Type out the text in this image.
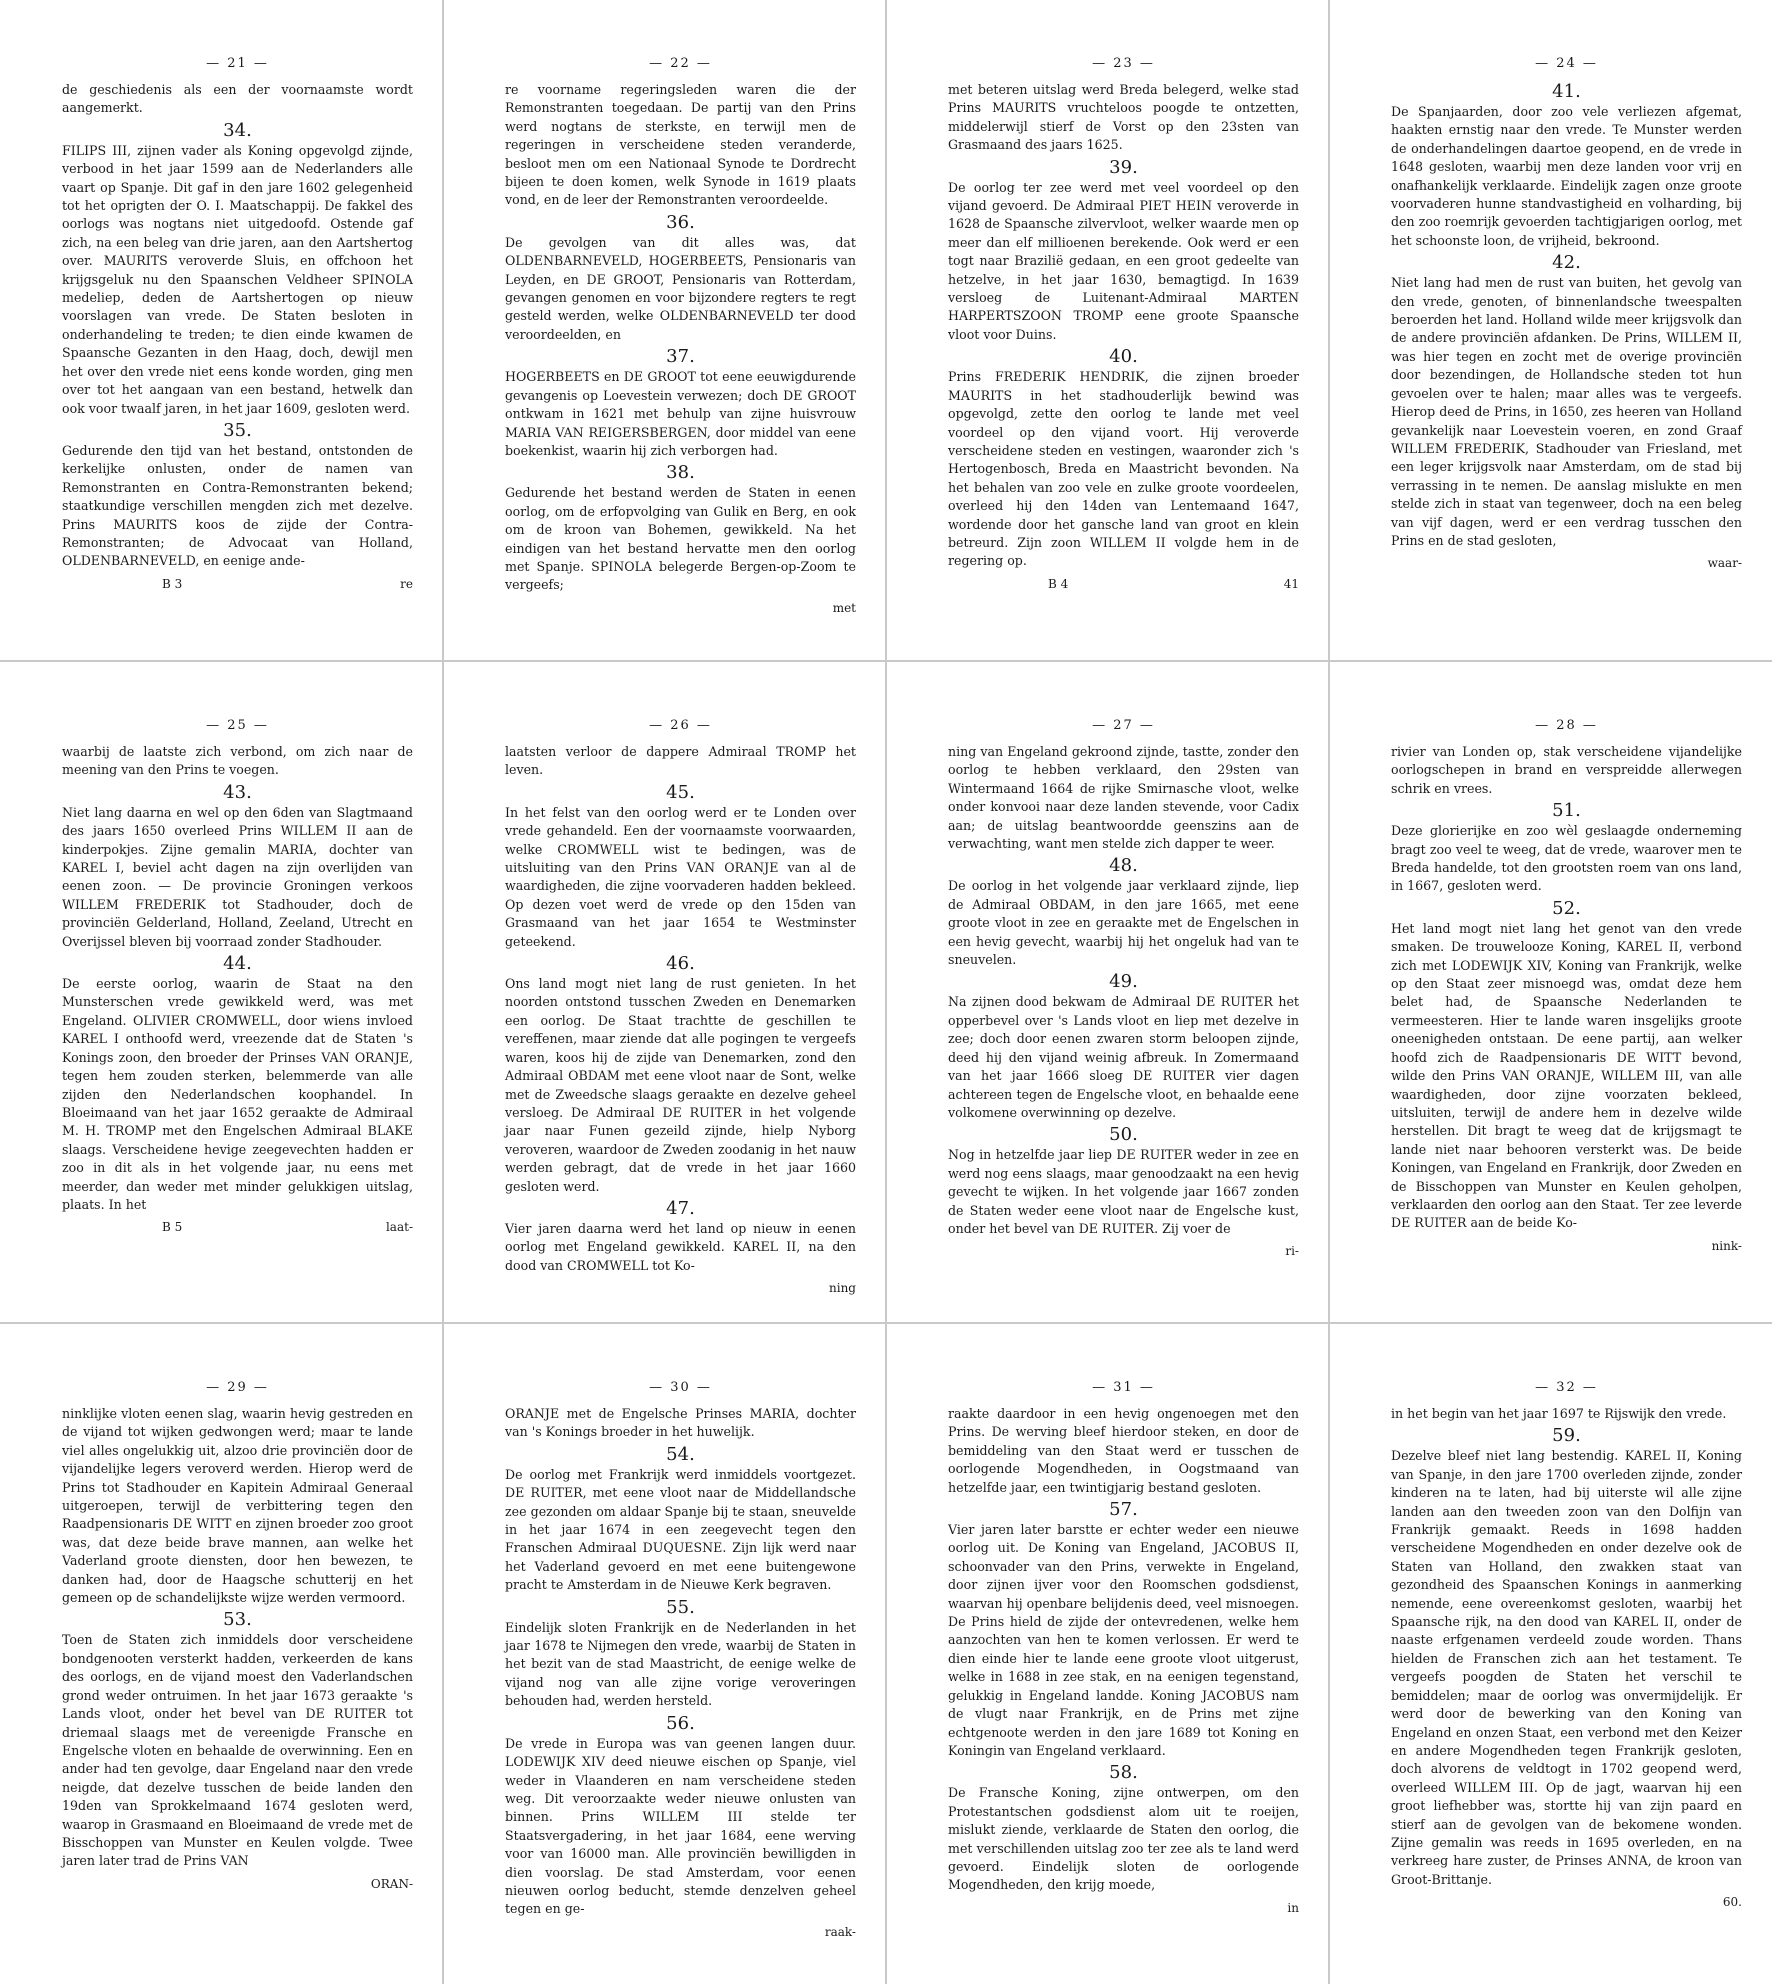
— 21 —

de geschiedenis als een der voornaamste wordt aangemerkt.

34.

FILIPS III, zijnen vader als Koning opgevolgd zijnde, verbood in het jaar 1599 aan de Nederlanders alle vaart op Spanje. Dit gaf in den jare 1602 gelegenheid tot het oprigten der O. I. Maatschappij. De fakkel des oorlogs was nogtans niet uitgedoofd. Ostende gaf zich, na een beleg van drie jaren, aan den Aartshertog over. MAURITS veroverde Sluis, en offchoon het krijgsgeluk nu den Spaanschen Veldheer SPINOLA medeliep, deden de Aartshertogen op nieuw voorslagen van vrede. De Staten besloten in onderhandeling te treden; te dien einde kwamen de Spaansche Gezanten in den Haag, doch, dewijl men het over den vrede niet eens konde worden, ging men over tot het aangaan van een bestand, hetwelk dan ook voor twaalf jaren, in het jaar 1609, gesloten werd.

35.

Gedurende den tijd van het bestand, ontstonden de kerkelijke onlusten, onder de namen van Remonstranten en Contra-Remonstranten bekend; staatkundige verschillen mengden zich met dezelve. Prins MAURITS koos de zijde der Contra-Remonstranten; de Advocaat van Holland, OLDENBARNEVELD, en eenige ande-

B 3	re
— 22 —

re voorname regeringsleden waren die der Remonstranten toegedaan. De partij van den Prins werd nogtans de sterkste, en terwijl men de regeringen in verscheidene steden veranderde, besloot men om een Nationaal Synode te Dordrecht bijeen te doen komen, welk Synode in 1619 plaats vond, en de leer der Remonstranten veroordeelde.

36.

De gevolgen van dit alles was, dat OLDENBARNEVELD, HOGERBEETS, Pensionaris van Leyden, en DE GROOT, Pensionaris van Rotterdam, gevangen genomen en voor bijzondere regters te regt gesteld werden, welke OLDENBARNEVELD ter dood veroordeelden, en

37.

HOGERBEETS en DE GROOT tot eene eeuwigdurende gevangenis op Loevestein verwezen; doch DE GROOT ontkwam in 1621 met behulp van zijne huisvrouw MARIA VAN REIGERSBERGEN, door middel van eene boekenkist, waarin hij zich verborgen had.

38.

Gedurende het bestand werden de Staten in eenen oorlog, om de erfopvolging van Gulik en Berg, en ook om de kroon van Bohemen, gewikkeld. Na het eindigen van het bestand hervatte men den oorlog met Spanje. SPINOLA belegerde Bergen-op-Zoom te vergeefs;

met
— 23 —

met beteren uitslag werd Breda belegerd, welke stad Prins MAURITS vruchteloos poogde te ontzetten, middelerwijl stierf de Vorst op den 23sten van Grasmaand des jaars 1625.

39.

De oorlog ter zee werd met veel voordeel op den vijand gevoerd. De Admiraal PIET HEIN veroverde in 1628 de Spaansche zilvervloot, welker waarde men op meer dan elf millioenen berekende. Ook werd er een togt naar Brazilië gedaan, en een groot gedeelte van hetzelve, in het jaar 1630, bemagtigd. In 1639 versloeg de Luitenant-Admiraal MARTEN HARPERTSZOON TROMP eene groote Spaansche vloot voor Duins.

40.

Prins FREDERIK HENDRIK, die zijnen broeder MAURITS in het stadhouderlijk bewind was opgevolgd, zette den oorlog te lande met veel voordeel op den vijand voort. Hij veroverde verscheidene steden en vestingen, waaronder zich 's Hertogenbosch, Breda en Maastricht bevonden. Na het behalen van zoo vele en zulke groote voordeelen, overleed hij den 14den van Lentemaand 1647, wordende door het gansche land van groot en klein betreurd. Zijn zoon WILLEM II volgde hem in de regering op.

B 4	41
— 24 —

41.

De Spanjaarden, door zoo vele verliezen afgemat, haakten ernstig naar den vrede. Te Munster werden de onderhandelingen daartoe geopend, en de vrede in 1648 gesloten, waarbij men deze landen voor vrij en onafhankelijk verklaarde. Eindelijk zagen onze groote voorvaderen hunne standvastigheid en volharding, bij den zoo roemrijk gevoerden tachtigjarigen oorlog, met het schoonste loon, de vrijheid, bekroond.

42.

Niet lang had men de rust van buiten, het gevolg van den vrede, genoten, of binnenlandsche tweespalten beroerden het land. Holland wilde meer krijgsvolk dan de andere provinciën afdanken. De Prins, WILLEM II, was hier tegen en zocht met de overige provinciën door bezendingen, de Hollandsche steden tot hun gevoelen over te halen; maar alles was te vergeefs. Hierop deed de Prins, in 1650, zes heeren van Holland gevankelijk naar Loevestein voeren, en zond Graaf WILLEM FREDERIK, Stadhouder van Friesland, met een leger krijgsvolk naar Amsterdam, om de stad bij verrassing in te nemen. De aanslag mislukte en men stelde zich in staat van tegenweer, doch na een beleg van vijf dagen, werd er een verdrag tusschen den Prins en de stad gesloten,

waar-
— 25 —

waarbij de laatste zich verbond, om zich naar de meening van den Prins te voegen.

43.

Niet lang daarna en wel op den 6den van Slagtmaand des jaars 1650 overleed Prins WILLEM II aan de kinderpokjes. Zijne gemalin MARIA, dochter van KAREL I, beviel acht dagen na zijn overlijden van eenen zoon. — De provincie Groningen verkoos WILLEM FREDERIK tot Stadhouder, doch de provinciën Gelderland, Holland, Zeeland, Utrecht en Overijssel bleven bij voorraad zonder Stadhouder.

44.

De eerste oorlog, waarin de Staat na den Munsterschen vrede gewikkeld werd, was met Engeland. OLIVIER CROMWELL, door wiens invloed KAREL I onthoofd werd, vreezende dat de Staten 's Konings zoon, den broeder der Prinses VAN ORANJE, tegen hem zouden sterken, belemmerde van alle zijden den Nederlandschen koophandel. In Bloeimaand van het jaar 1652 geraakte de Admiraal M. H. TROMP met den Engelschen Admiraal BLAKE slaags. Verscheidene hevige zeegevechten hadden er zoo in dit als in het volgende jaar, nu eens met meerder, dan weder met minder gelukkigen uitslag, plaats. In het

B 5	laat-
— 26 —

laatsten verloor de dappere Admiraal TROMP het leven.

45.

In het felst van den oorlog werd er te Londen over vrede gehandeld. Een der voornaamste voorwaarden, welke CROMWELL wist te bedingen, was de uitsluiting van den Prins VAN ORANJE van al de waardigheden, die zijne voorvaderen hadden bekleed. Op dezen voet werd de vrede op den 15den van Grasmaand van het jaar 1654 te Westminster geteekend.

46.

Ons land mogt niet lang de rust genieten. In het noorden ontstond tusschen Zweden en Denemarken een oorlog. De Staat trachtte de geschillen te vereffenen, maar ziende dat alle pogingen te vergeefs waren, koos hij de zijde van Denemarken, zond den Admiraal OBDAM met eene vloot naar de Sont, welke met de Zweedsche slaags geraakte en dezelve geheel versloeg. De Admiraal DE RUITER in het volgende jaar naar Funen gezeild zijnde, hielp Nyborg veroveren, waardoor de Zweden zoodanig in het nauw werden gebragt, dat de vrede in het jaar 1660 gesloten werd.

47.

Vier jaren daarna werd het land op nieuw in eenen oorlog met Engeland gewikkeld. KAREL II, na den dood van CROMWELL tot Ko-

ning
— 27 —

ning van Engeland gekroond zijnde, tastte, zonder den oorlog te hebben verklaard, den 29sten van Wintermaand 1664 de rijke Smirnasche vloot, welke onder konvooi naar deze landen stevende, voor Cadix aan; de uitslag beantwoordde geenszins aan de verwachting, want men stelde zich dapper te weer.

48.

De oorlog in het volgende jaar verklaard zijnde, liep de Admiraal OBDAM, in den jare 1665, met eene groote vloot in zee en geraakte met de Engelschen in een hevig gevecht, waarbij hij het ongeluk had van te sneuvelen.

49.

Na zijnen dood bekwam de Admiraal DE RUITER het opperbevel over 's Lands vloot en liep met dezelve in zee; doch door eenen zwaren storm beloopen zijnde, deed hij den vijand weinig afbreuk. In Zomermaand van het jaar 1666 sloeg DE RUITER vier dagen achtereen tegen de Engelsche vloot, en behaalde eene volkomene overwinning op dezelve.

50.

Nog in hetzelfde jaar liep DE RUITER weder in zee en werd nog eens slaags, maar genoodzaakt na een hevig gevecht te wijken. In het volgende jaar 1667 zonden de Staten weder eene vloot naar de Engelsche kust, onder het bevel van DE RUITER. Zij voer de

ri-
— 28 —

rivier van Londen op, stak verscheidene vijandelijke oorlogschepen in brand en verspreidde allerwegen schrik en vrees.

51.

Deze glorierijke en zoo wèl geslaagde onderneming bragt zoo veel te weeg, dat de vrede, waarover men te Breda handelde, tot den grootsten roem van ons land, in 1667, gesloten werd.

52.

Het land mogt niet lang het genot van den vrede smaken. De trouwelooze Koning, KAREL II, verbond zich met LODEWIJK XIV, Koning van Frankrijk, welke op den Staat zeer misnoegd was, omdat deze hem belet had, de Spaansche Nederlanden te vermeesteren. Hier te lande waren insgelijks groote oneenigheden ontstaan. De eene partij, aan welker hoofd zich de Raadpensionaris DE WITT bevond, wilde den Prins VAN ORANJE, WILLEM III, van alle waardigheden, door zijne voorzaten bekleed, uitsluiten, terwijl de andere hem in dezelve wilde herstellen. Dit bragt te weeg dat de krijgsmagt te lande niet naar behooren versterkt was. De beide Koningen, van Engeland en Frankrijk, door Zweden en de Bisschoppen van Munster en Keulen geholpen, verklaarden den oorlog aan den Staat. Ter zee leverde DE RUITER aan de beide Ko-

nink-
— 29 —

ninklijke vloten eenen slag, waarin hevig gestreden en de vijand tot wijken gedwongen werd; maar te lande viel alles ongelukkig uit, alzoo drie provinciën door de vijandelijke legers veroverd werden. Hierop werd de Prins tot Stadhouder en Kapitein Admiraal Generaal uitgeroepen, terwijl de verbittering tegen den Raadpensionaris DE WITT en zijnen broeder zoo groot was, dat deze beide brave mannen, aan welke het Vaderland groote diensten, door hen bewezen, te danken had, door de Haagsche schutterij en het gemeen op de schandelijkste wijze werden vermoord.

53.

Toen de Staten zich inmiddels door verscheidene bondgenooten versterkt hadden, verkeerden de kans des oorlogs, en de vijand moest den Vaderlandschen grond weder ontruimen. In het jaar 1673 geraakte 's Lands vloot, onder het bevel van DE RUITER tot driemaal slaags met de vereenigde Fransche en Engelsche vloten en behaalde de overwinning. Een en ander had ten gevolge, daar Engeland naar den vrede neigde, dat dezelve tusschen de beide landen den 19den van Sprokkelmaand 1674 gesloten werd, waarop in Grasmaand en Bloeimaand de vrede met de Bisschoppen van Munster en Keulen volgde. Twee jaren later trad de Prins VAN

ORAN-
— 30 —

ORANJE met de Engelsche Prinses MARIA, dochter van 's Konings broeder in het huwelijk.

54.

De oorlog met Frankrijk werd inmiddels voortgezet. DE RUITER, met eene vloot naar de Middellandsche zee gezonden om aldaar Spanje bij te staan, sneuvelde in het jaar 1674 in een zeegevecht tegen den Franschen Admiraal DUQUESNE. Zijn lijk werd naar het Vaderland gevoerd en met eene buitengewone pracht te Amsterdam in de Nieuwe Kerk begraven.

55.

Eindelijk sloten Frankrijk en de Nederlanden in het jaar 1678 te Nijmegen den vrede, waarbij de Staten in het bezit van de stad Maastricht, de eenige welke de vijand nog van alle zijne vorige veroveringen behouden had, werden hersteld.

56.

De vrede in Europa was van geenen langen duur. LODEWIJK XIV deed nieuwe eischen op Spanje, viel weder in Vlaanderen en nam verscheidene steden weg. Dit veroorzaakte weder nieuwe onlusten van binnen. Prins WILLEM III stelde ter Staatsvergadering, in het jaar 1684, eene werving voor van 16000 man. Alle provinciën bewilligden in dien voorslag. De stad Amsterdam, voor eenen nieuwen oorlog beducht, stemde denzelven geheel tegen en ge-

raak-
— 31 —

raakte daardoor in een hevig ongenoegen met den Prins. De werving bleef hierdoor steken, en door de bemiddeling van den Staat werd er tusschen de oorlogende Mogendheden, in Oogstmaand van hetzelfde jaar, een twintigjarig bestand gesloten.

57.

Vier jaren later barstte er echter weder een nieuwe oorlog uit. De Koning van Engeland, JACOBUS II, schoonvader van den Prins, verwekte in Engeland, door zijnen ijver voor den Roomschen godsdienst, waarvan hij openbare belijdenis deed, veel misnoegen. De Prins hield de zijde der ontevredenen, welke hem aanzochten van hen te komen verlossen. Er werd te dien einde hier te lande eene groote vloot uitgerust, welke in 1688 in zee stak, en na eenigen tegenstand, gelukkig in Engeland landde. Koning JACOBUS nam de vlugt naar Frankrijk, en de Prins met zijne echtgenoote werden in den jare 1689 tot Koning en Koningin van Engeland verklaard.

58.

De Fransche Koning, zijne ontwerpen, om den Protestantschen godsdienst alom uit te roeijen, mislukt ziende, verklaarde de Staten den oorlog, die met verschillenden uitslag zoo ter zee als te land werd gevoerd. Eindelijk sloten de oorlogende Mogendheden, den krijg moede,

in
— 32 —

in het begin van het jaar 1697 te Rijswijk den vrede.

59.

Dezelve bleef niet lang bestendig. KAREL II, Koning van Spanje, in den jare 1700 overleden zijnde, zonder kinderen na te laten, had bij uiterste wil alle zijne landen aan den tweeden zoon van den Dolfijn van Frankrijk gemaakt. Reeds in 1698 hadden verscheidene Mogendheden en onder dezelve ook de Staten van Holland, den zwakken staat van gezondheid des Spaanschen Konings in aanmerking nemende, eene overeenkomst gesloten, waarbij het Spaansche rijk, na den dood van KAREL II, onder de naaste erfgenamen verdeeld zoude worden. Thans hielden de Franschen zich aan het testament. Te vergeefs poogden de Staten het verschil te bemiddelen; maar de oorlog was onvermijdelijk. Er werd door de bewerking van den Koning van Engeland en onzen Staat, een verbond met den Keizer en andere Mogendheden tegen Frankrijk gesloten, doch alvorens de veldtogt in 1702 geopend werd, overleed WILLEM III. Op de jagt, waarvan hij een groot liefhebber was, stortte hij van zijn paard en stierf aan de gevolgen van de bekomene wonden. Zijne gemalin was reeds in 1695 overleden, en na verkreeg hare zuster, de Prinses ANNA, de kroon van Groot-Brittanje.

60.
